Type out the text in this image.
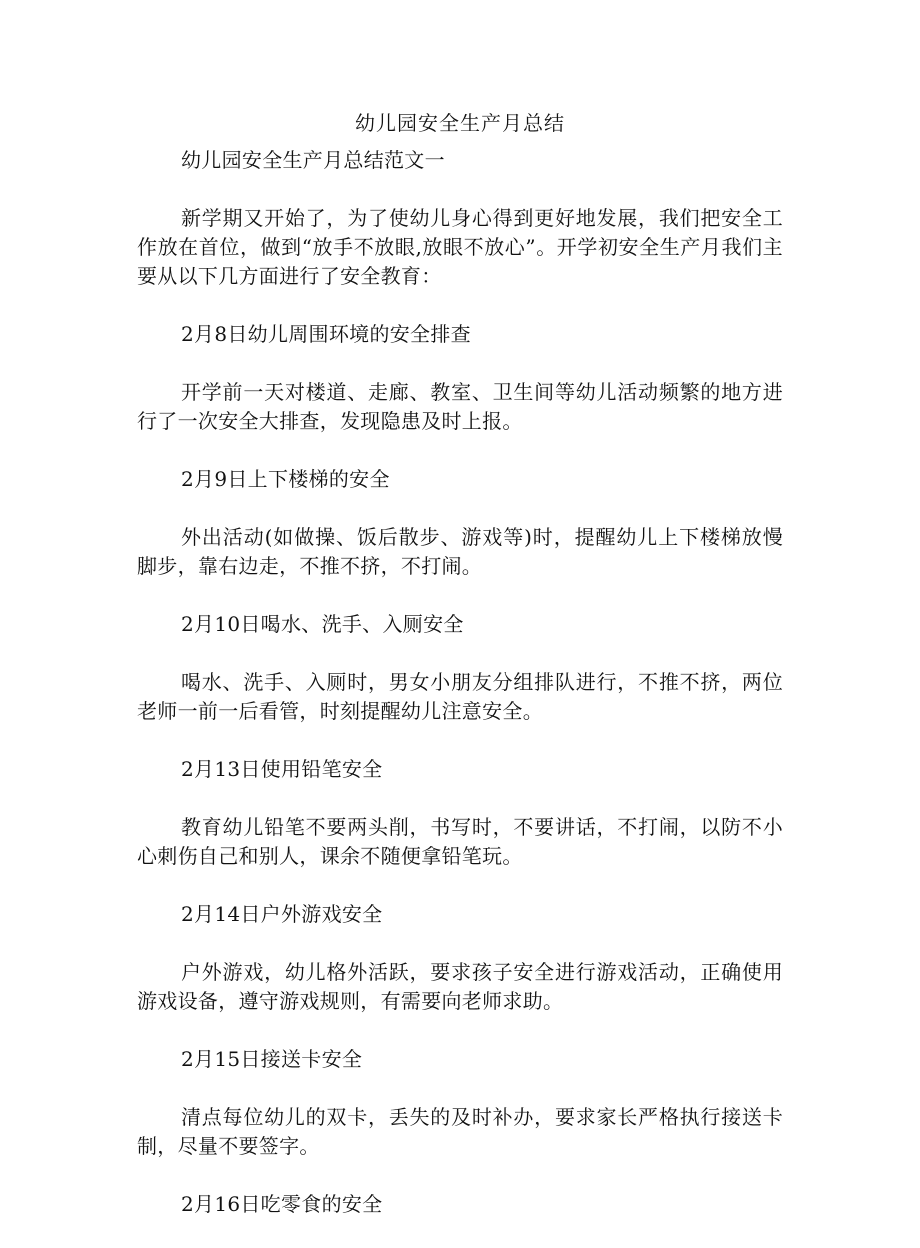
幼儿园安全生产月总结

幼儿园安全生产月总结范文一

新学期又开始了，为了使幼儿身心得到更好地发展，我们把安全工作放在首位，做到“放手不放眼,放眼不放心”。开学初安全生产月我们主要从以下几方面进行了安全教育：

2月8日幼儿周围环境的安全排查

开学前一天对楼道、走廊、教室、卫生间等幼儿活动频繁的地方进行了一次安全大排查，发现隐患及时上报。

2月9日上下楼梯的安全

外出活动(如做操、饭后散步、游戏等)时，提醒幼儿上下楼梯放慢脚步，靠右边走，不推不挤，不打闹。

2月10日喝水、洗手、入厕安全

喝水、洗手、入厕时，男女小朋友分组排队进行，不推不挤，两位老师一前一后看管，时刻提醒幼儿注意安全。

2月13日使用铅笔安全

教育幼儿铅笔不要两头削，书写时，不要讲话，不打闹，以防不小心刺伤自己和别人，课余不随便拿铅笔玩。

2月14日户外游戏安全

户外游戏，幼儿格外活跃，要求孩子安全进行游戏活动，正确使用游戏设备，遵守游戏规则，有需要向老师求助。

2月15日接送卡安全

清点每位幼儿的双卡，丢失的及时补办，要求家长严格执行接送卡制，尽量不要签字。

2月16日吃零食的安全
